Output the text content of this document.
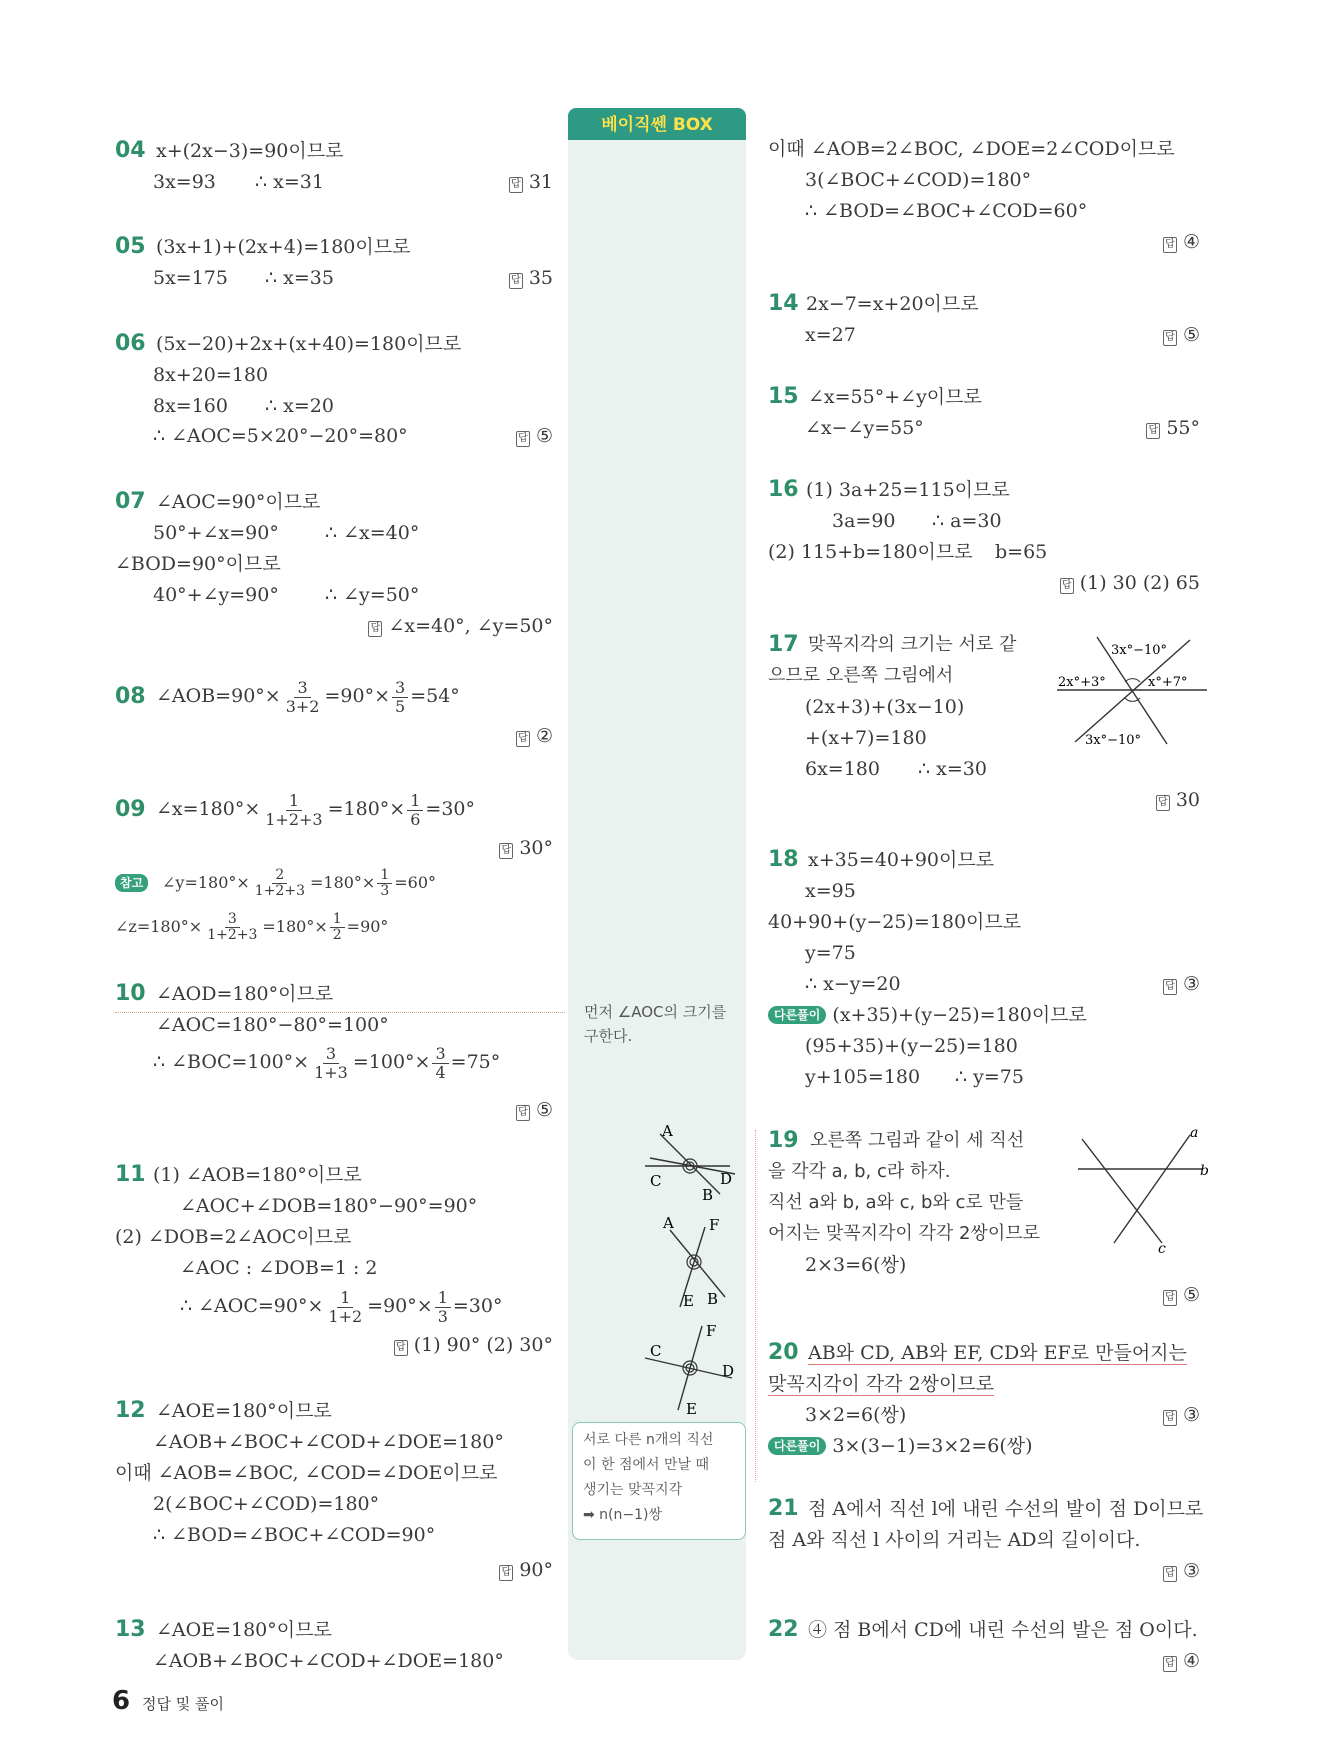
베이직쎈 BOX
먼저 ∠AOC의 크기를
구한다.
서로 다른 n개의 직선
이 한 점에서 만날 때
생기는 맞꼭지각
➡ n(n−1)쌍
A
C	D
B
A F
E B
C
D
F
E
04 x+(2x−3)=90이므로
3x=93 ∴ x=31	답 31
05 (3x+1)+(2x+4)=180이므로
5x=175 ∴ x=35	답 35
06 (5x−20)+2x+(x+40)=180이므로
8x+20=180
8x=160 ∴ x=20
∴ ∠AOC=5×20°−20°=80°	답 ⑤
07 ∠AOC=90°이므로
50°+∠x=90° ∴ ∠x=40°
∠BOD=90°이므로
40°+∠y=90° ∴ ∠y=50°
답 ∠x=40°, ∠y=50°
08 ∠AOB=90°× $\frac{3}{3+2} =90^\circ\times \frac{3}{5} =54^\circ$
답 ②
09 ∠x=180°× $\frac{1}{1+2+3} =180^\circ\times \frac{1}{6} =30^\circ$
답 30°
참고	∠y=180°× $\frac{2}{1+2+3} =180^\circ\times \frac{1}{3} =60^\circ$
∠z=180°× $\frac{3}{1+2+3} =180^\circ\times \frac{1}{2} =90^\circ$
10 ∠AOD=180°이므로
∠AOC=180°−80°=100°
∴ ∠BOC=100°× $\frac{3}{1+3} =100^\circ\times \frac{3}{4} =75^\circ$
답 ⑤
11 (1) ∠AOB=180°이므로
∠AOC+∠DOB=180°−90°=90°
(2) ∠DOB=2∠AOC이므로
∠AOC : ∠DOB=1 : 2
∴ ∠AOC=90°× $\frac{1}{1+2} =90^\circ\times \frac{1}{3} =30^\circ$
답 (1) 90° (2) 30°
12 ∠AOE=180°이므로
∠AOB+∠BOC+∠COD+∠DOE=180°
이때 ∠AOB=∠BOC, ∠COD=∠DOE이므로
2(∠BOC+∠COD)=180°
∴ ∠BOD=∠BOC+∠COD=90°
답 90°
13 ∠AOE=180°이므로
∠AOB+∠BOC+∠COD+∠DOE=180°
이때 ∠AOB=2∠BOC, ∠DOE=2∠COD이므로
3(∠BOC+∠COD)=180°
∴ ∠BOD=∠BOC+∠COD=60°
답 ④
14 2x−7=x+20이므로
x=27	답 ⑤
15 ∠x=55°+∠y이므로
∠x−∠y=55°	답 55°
16 (1) 3a+25=115이므로
3a=90 ∴ a=30
(2) 115+b=180이므로 b=65
답 (1) 30 (2) 65
17 맞꼭지각의 크기는 서로 같
으므로 오른쪽 그림에서
(2x+3)+(3x−10)
+(x+7)=180
6x=180 ∴ x=30
답 30
3x°−10°
2x°+3°	x°+7°
3x°−10°
18 x+35=40+90이므로
x=95
40+90+(y−25)=180이므로
y=75
∴ x−y=20	답 ③
다른풀이 (x+35)+(y−25)=180이므로
(95+35)+(y−25)=180
y+105=180 ∴ y=75
19 오른쪽 그림과 같이 세 직선
을 각각 a, b, c라 하자.
직선 a와 b, a와 c, b와 c로 만들
어지는 맞꼭지각이 각각 2쌍이므로
2×3=6(쌍)
답 ⑤
a
b
c
20 AB와 CD, AB와 EF, CD와 EF로 만들어지는
맞꼭지각이 각각 2쌍이므로
3×2=6(쌍)	답 ③
다른풀이 3×(3−1)=3×2=6(쌍)
21 점 A에서 직선 l에 내린 수선의 발이 점 D이므로
점 A와 직선 l 사이의 거리는 AD의 길이이다.
답 ③
22 ④ 점 B에서 CD에 내린 수선의 발은 점 O이다.
답 ④
6 정답 및 풀이
